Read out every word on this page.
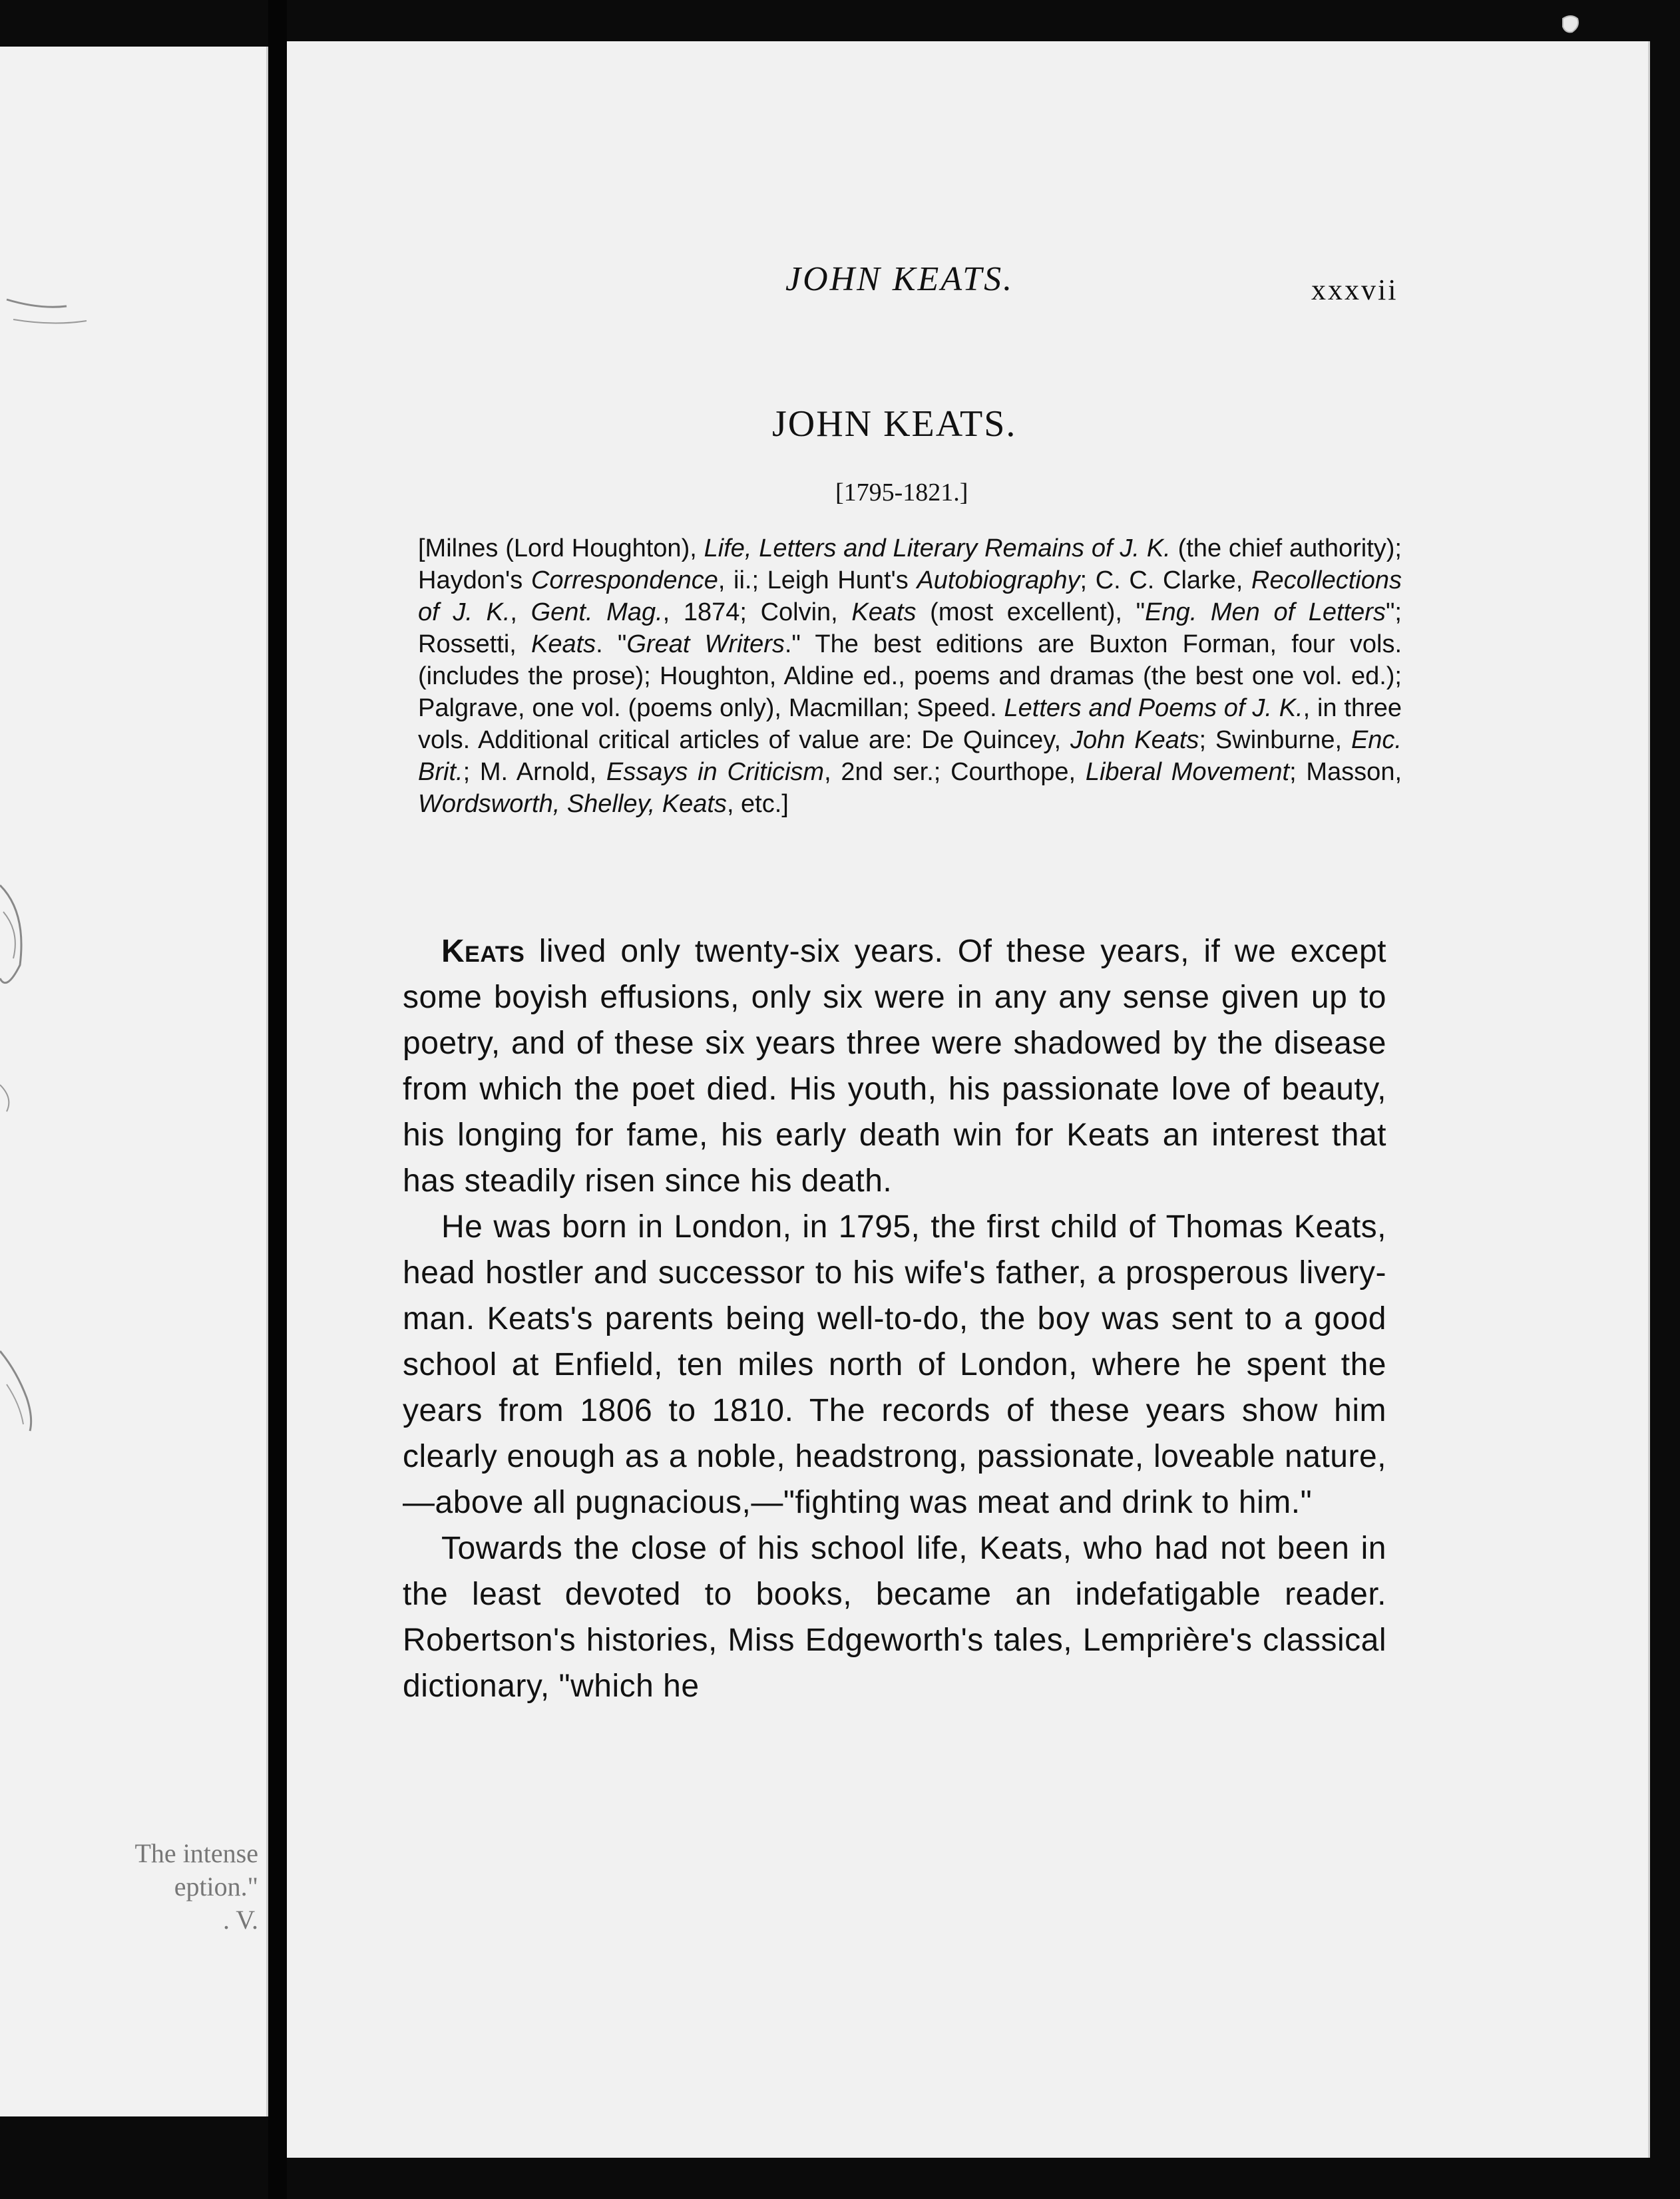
The intense
eption."
. V.
JOHN KEATS.	xxxvii
JOHN KEATS.
[1795-1821.]
[Milnes (Lord Houghton), Life, Letters and Literary Remains of J. K. (the chief authority); Haydon's Correspondence, ii.; Leigh Hunt's Autobiography; C. C. Clarke, Recollections of J. K., Gent. Mag., 1874; Colvin, Keats (most excellent), "Eng. Men of Letters"; Rossetti, Keats. "Great Writers." The best editions are Buxton Forman, four vols. (includes the prose); Houghton, Aldine ed., poems and dramas (the best one vol. ed.); Palgrave, one vol. (poems only), Macmillan; Speed. Letters and Poems of J. K., in three vols. Additional critical articles of value are: De Quincey, John Keats; Swinburne, Enc. Brit.; M. Arnold, Essays in Criticism, 2nd ser.; Courthope, Liberal Movement; Masson, Wordsworth, Shelley, Keats, etc.]

Keats lived only twenty-six years. Of these years, if we except some boyish effusions, only six were in any any sense given up to poetry, and of these six years three were shadowed by the disease from which the poet died. His youth, his passionate love of beauty, his longing for fame, his early death win for Keats an interest that has steadily risen since his death.

He was born in London, in 1795, the first child of Thomas Keats, head hostler and successor to his wife's father, a prosperous livery-man. Keats's parents being well-to-do, the boy was sent to a good school at Enfield, ten miles north of London, where he spent the years from 1806 to 1810. The records of these years show him clearly enough as a noble, headstrong, passionate, loveable nature,—above all pugnacious,—"fighting was meat and drink to him."

Towards the close of his school life, Keats, who had not been in the least devoted to books, became an indefatigable reader. Robertson's histories, Miss Edgeworth's tales, Lemprière's classical dictionary, "which he
